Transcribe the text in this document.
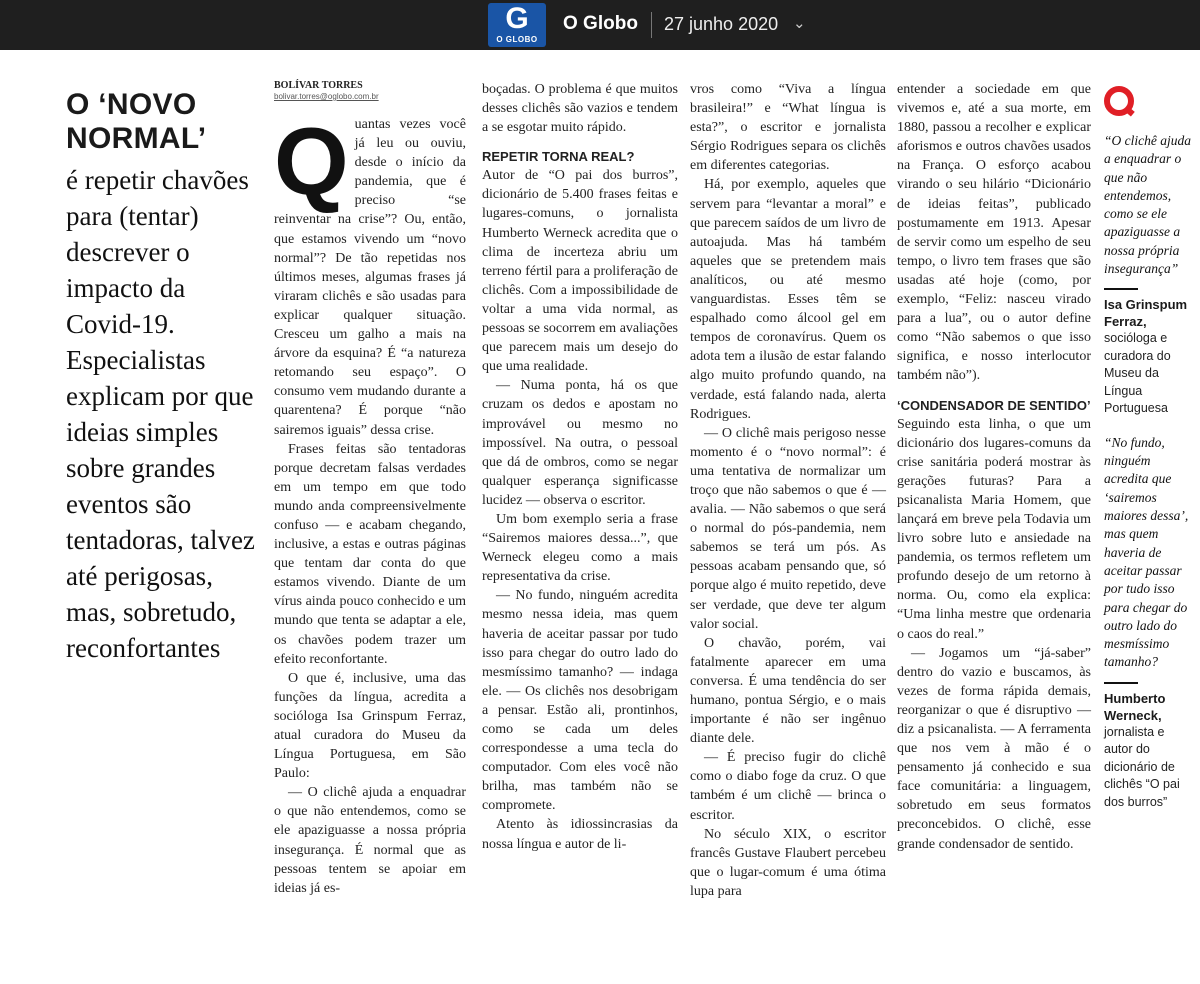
G
O GLOBO
O Globo 27 junho 2020 ⌄
O ‘NOVO NORMAL’
é repetir chavões para (tentar) descrever o impacto da Covid-19. Especialistas explicam por que ideias simples sobre grandes eventos são tentadoras, talvez até perigosas, mas, sobretudo, reconfortantes

BOLÍVAR TORRES

bolivar.torres@oglobo.com.br

Quantas vezes você já leu ou ouviu, desde o início da pandemia, que é preciso “se reinventar na crise”? Ou, então, que estamos vivendo um “novo normal”? De tão repetidas nos últimos meses, algumas frases já viraram clichês e são usadas para explicar qualquer situação. Cresceu um galho a mais na árvore da esquina? É “a natureza retomando seu espaço”. O consumo vem mudando durante a quarentena? É porque “não sairemos iguais” dessa crise.

Frases feitas são tentadoras porque decretam falsas verdades em um tempo em que todo mundo anda compreensivelmente confuso — e acabam chegando, inclusive, a estas e outras páginas que tentam dar conta do que estamos vivendo. Diante de um vírus ainda pouco conhecido e um mundo que tenta se adaptar a ele, os chavões podem trazer um efeito reconfortante.

O que é, inclusive, uma das funções da língua, acredita a socióloga Isa Grinspum Ferraz, atual curadora do Museu da Língua Portuguesa, em São Paulo:

— O clichê ajuda a enquadrar o que não entendemos, como se ele apaziguasse a nossa própria insegurança. É normal que as pessoas tentem se apoiar em ideias já es-

boçadas. O problema é que muitos desses clichês são vazios e tendem a se esgotar muito rápido.

REPETIR TORNA REAL?

Autor de “O pai dos burros”, dicionário de 5.400 frases feitas e lugares-comuns, o jornalista Humberto Werneck acredita que o clima de incerteza abriu um terreno fértil para a proliferação de clichês. Com a impossibilidade de voltar a uma vida normal, as pessoas se socorrem em avaliações que parecem mais um desejo do que uma realidade.

— Numa ponta, há os que cruzam os dedos e apostam no improvável ou mesmo no impossível. Na outra, o pessoal que dá de ombros, como se negar qualquer esperança significasse lucidez — observa o escritor.

Um bom exemplo seria a frase “Sairemos maiores dessa...”, que Werneck elegeu como a mais representativa da crise.

— No fundo, ninguém acredita mesmo nessa ideia, mas quem haveria de aceitar passar por tudo isso para chegar do outro lado do mesmíssimo tamanho? — indaga ele. — Os clichês nos desobrigam a pensar. Estão ali, prontinhos, como se cada um deles correspondesse a uma tecla do computador. Com eles você não brilha, mas também não se compromete.

Atento às idiossincrasias da nossa língua e autor de li-

vros como “Viva a língua brasileira!” e “What língua is esta?”, o escritor e jornalista Sérgio Rodrigues separa os clichês em diferentes categorias.

Há, por exemplo, aqueles que servem para “levantar a moral” e que parecem saídos de um livro de autoajuda. Mas há também aqueles que se pretendem mais analíticos, ou até mesmo vanguardistas. Esses têm se espalhado como álcool gel em tempos de coronavírus. Quem os adota tem a ilusão de estar falando algo muito profundo quando, na verdade, está falando nada, alerta Rodrigues.

— O clichê mais perigoso nesse momento é o “novo normal”: é uma tentativa de normalizar um troço que não sabemos o que é — avalia. — Não sabemos o que será o normal do pós-pandemia, nem sabemos se terá um pós. As pessoas acabam pensando que, só porque algo é muito repetido, deve ser verdade, que deve ter algum valor social.

O chavão, porém, vai fatalmente aparecer em uma conversa. É uma tendência do ser humano, pontua Sérgio, e o mais importante é não ser ingênuo diante dele.

— É preciso fugir do clichê como o diabo foge da cruz. O que também é um clichê — brinca o escritor.

No século XIX, o escritor francês Gustave Flaubert percebeu que o lugar-comum é uma ótima lupa para

entender a sociedade em que vivemos e, até a sua morte, em 1880, passou a recolher e explicar aforismos e outros chavões usados na França. O esforço acabou virando o seu hilário “Dicionário de ideias feitas”, publicado postumamente em 1913. Apesar de servir como um espelho de seu tempo, o livro tem frases que são usadas até hoje (como, por exemplo, “Feliz: nasceu virado para a lua”, ou o autor define como “Não sabemos o que isso significa, e nosso interlocutor também não”).

‘CONDENSADOR DE SENTIDO’

Seguindo esta linha, o que um dicionário dos lugares-comuns da crise sanitária poderá mostrar às gerações futuras? Para a psicanalista Maria Homem, que lançará em breve pela Todavia um livro sobre luto e ansiedade na pandemia, os termos refletem um profundo desejo de um retorno à norma. Ou, como ela explica: “Uma linha mestre que ordenaria o caos do real.”

— Jogamos um “já-saber” dentro do vazio e buscamos, às vezes de forma rápida demais, reorganizar o que é disruptivo — diz a psicanalista. — A ferramenta que nos vem à mão é o pensamento já conhecido e sua face comunitária: a linguagem, sobretudo em seus formatos preconcebidos. O clichê, esse grande condensador de sentido.

“O clichê ajuda a enquadrar o que não entendemos, como se ele apaziguasse a nossa própria insegurança”
Isa Grinspum Ferraz,
socióloga e curadora do Museu da Língua Portuguesa
“No fundo, ninguém acredita que ‘sairemos maiores dessa’, mas quem haveria de aceitar passar por tudo isso para chegar do outro lado do mesmíssimo tamanho?
Humberto Werneck,
jornalista e autor do dicionário de clichês “O pai dos burros”
